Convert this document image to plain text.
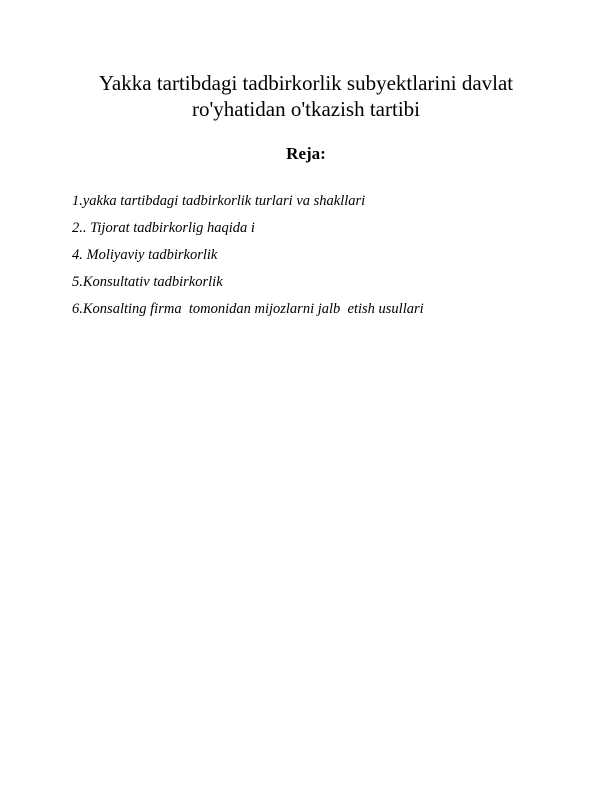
Yakka tartibdagi tadbirkorlik subyektlarini davlat
ro'yhatidan o'tkazish tartibi
Reja:
1.yakka tartibdagi tadbirkorlik turlari va shakllari
2.. Tijorat tadbirkorlig haqida i
4. Moliyaviy tadbirkorlik
5.Konsultativ tadbirkorlik
6.Konsalting firma  tomonidan mijozlarni jalb  etish usullari
